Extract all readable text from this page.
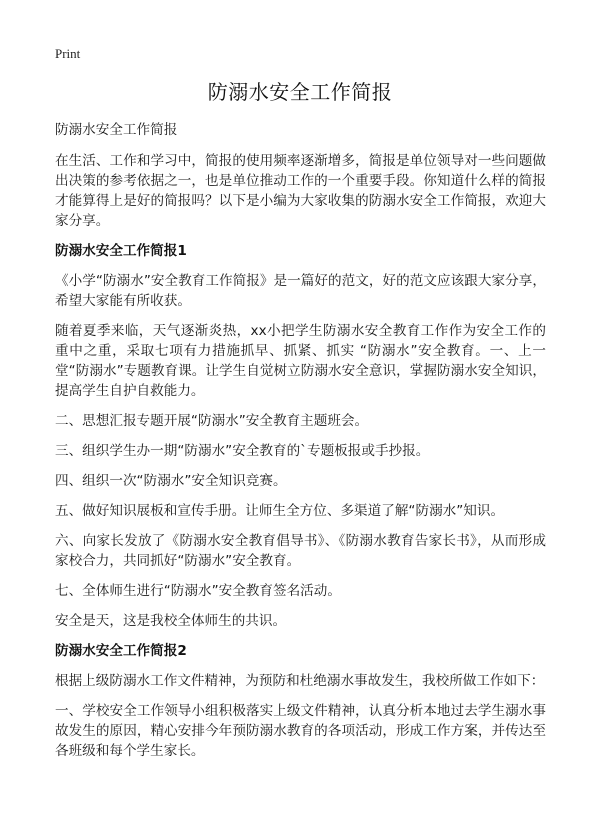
Print
防溺水安全工作简报

防溺水安全工作简报

在生活、工作和学习中，简报的使用频率逐渐增多，简报是单位领导对一些问题做出决策的参考依据之一，也是单位推动工作的一个重要手段。你知道什么样的简报才能算得上是好的简报吗？以下是小编为大家收集的防溺水安全工作简报，欢迎大家分享。

防溺水安全工作简报1

《小学“防溺水”安全教育工作简报》是一篇好的范文，好的范文应该跟大家分享，希望大家能有所收获。

随着夏季来临，天气逐渐炎热，xx小把学生防溺水安全教育工作作为安全工作的重中之重，采取七项有力措施抓早、抓紧、抓实 “防溺水”安全教育。一、上一堂“防溺水”专题教育课。让学生自觉树立防溺水安全意识，掌握防溺水安全知识，提高学生自护自救能力。

二、思想汇报专题开展“防溺水”安全教育主题班会。

三、组织学生办一期“防溺水”安全教育的`专题板报或手抄报。

四、组织一次“防溺水”安全知识竞赛。

五、做好知识展板和宣传手册。让师生全方位、多渠道了解“防溺水”知识。

六、向家长发放了《防溺水安全教育倡导书》、《防溺水教育告家长书》，从而形成家校合力，共同抓好“防溺水”安全教育。

七、全体师生进行“防溺水”安全教育签名活动。

安全是天，这是我校全体师生的共识。

防溺水安全工作简报2

根据上级防溺水工作文件精神，为预防和杜绝溺水事故发生，我校所做工作如下：

一、学校安全工作领导小组积极落实上级文件精神，认真分析本地过去学生溺水事故发生的原因，精心安排今年预防溺水教育的各项活动，形成工作方案，并传达至各班级和每个学生家长。
